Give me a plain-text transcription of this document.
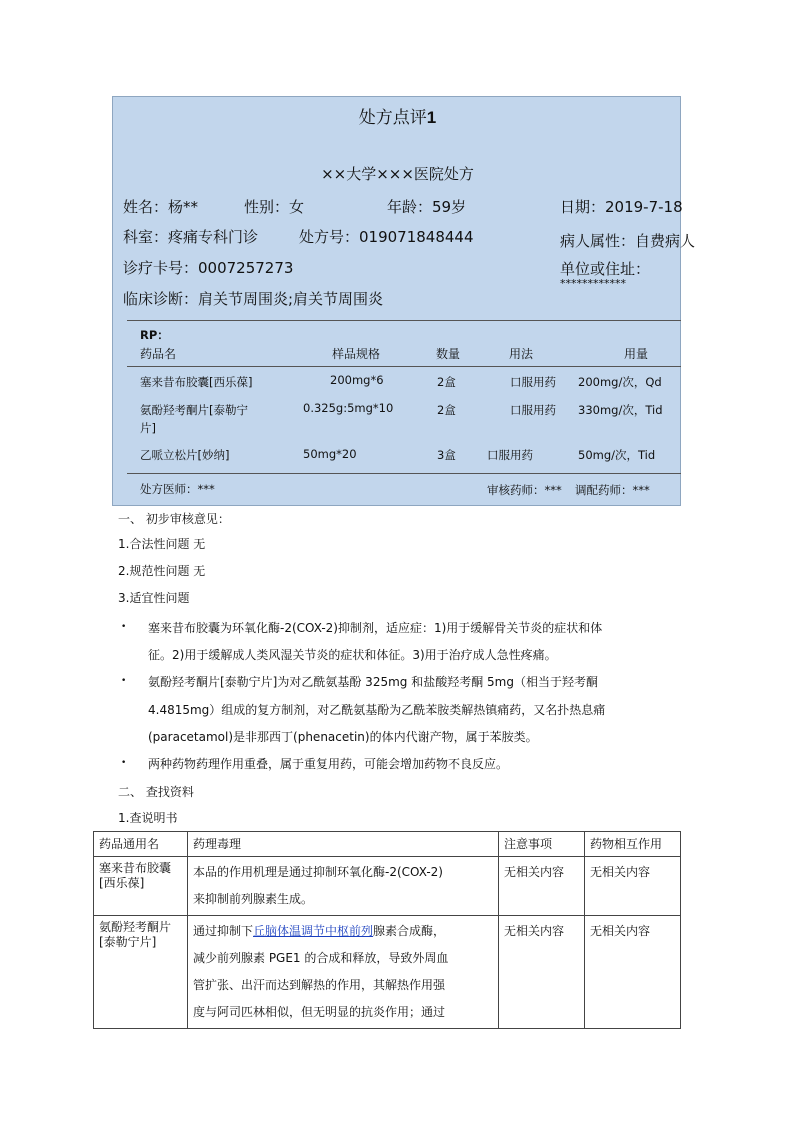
处方点评1
××大学×××医院处方
姓名：杨**	性别：女	年龄：59岁	日期：2019-7-18
科室：疼痛专科门诊	处方号：019071848444	病人属性：自费病人
诊疗卡号：0007257273	单位或住址：
************
临床诊断：肩关节周围炎;肩关节周围炎
RP：
药品名	样品规格	数量	用法	用量
塞来昔布胶囊[西乐葆]	200mg*6	2盒	口服用药 200mg/次，Qd
氨酚羟考酮片[泰勒宁
片]
0.325g:5mg*10	2盒	口服用药 330mg/次，Tid
乙哌立松片[妙纳]	50mg*20	3盒	口服用药	50mg/次，Tid
处方医师：***	审核药师：*** 调配药师：***
一、 初步审核意见：
1.合法性问题 无
2.规范性问题 无
3.适宜性问题
• 塞来昔布胶囊为环氧化酶-2(COX-2)抑制剂，适应症：1)用于缓解骨关节炎的症状和体
征。2)用于缓解成人类风湿关节炎的症状和体征。3)用于治疗成人急性疼痛。
• 氨酚羟考酮片[泰勒宁片]为对乙酰氨基酚 325mg 和盐酸羟考酮 5mg（相当于羟考酮
4.4815mg）组成的复方制剂，对乙酰氨基酚为乙酰苯胺类解热镇痛药，又名扑热息痛
(paracetamol)是非那西丁(phenacetin)的体内代谢产物，属于苯胺类。
• 两种药物药理作用重叠，属于重复用药，可能会增加药物不良反应。
二、 查找资料
1.查说明书
药品通用名	药理毒理	注意事项	药物相互作用
塞来昔布胶囊[西乐葆]	本品的作用机理是通过抑制环氧化酶-2(COX-2)
来抑制前列腺素生成。	无相关内容	无相关内容
氨酚羟考酮片[泰勒宁片]	通过抑制下丘脑体温调节中枢前列腺素合成酶，
减少前列腺素 PGE1 的合成和释放，导致外周血
管扩张、出汗而达到解热的作用，其解热作用强
度与阿司匹林相似，但无明显的抗炎作用；通过	无相关内容	无相关内容
